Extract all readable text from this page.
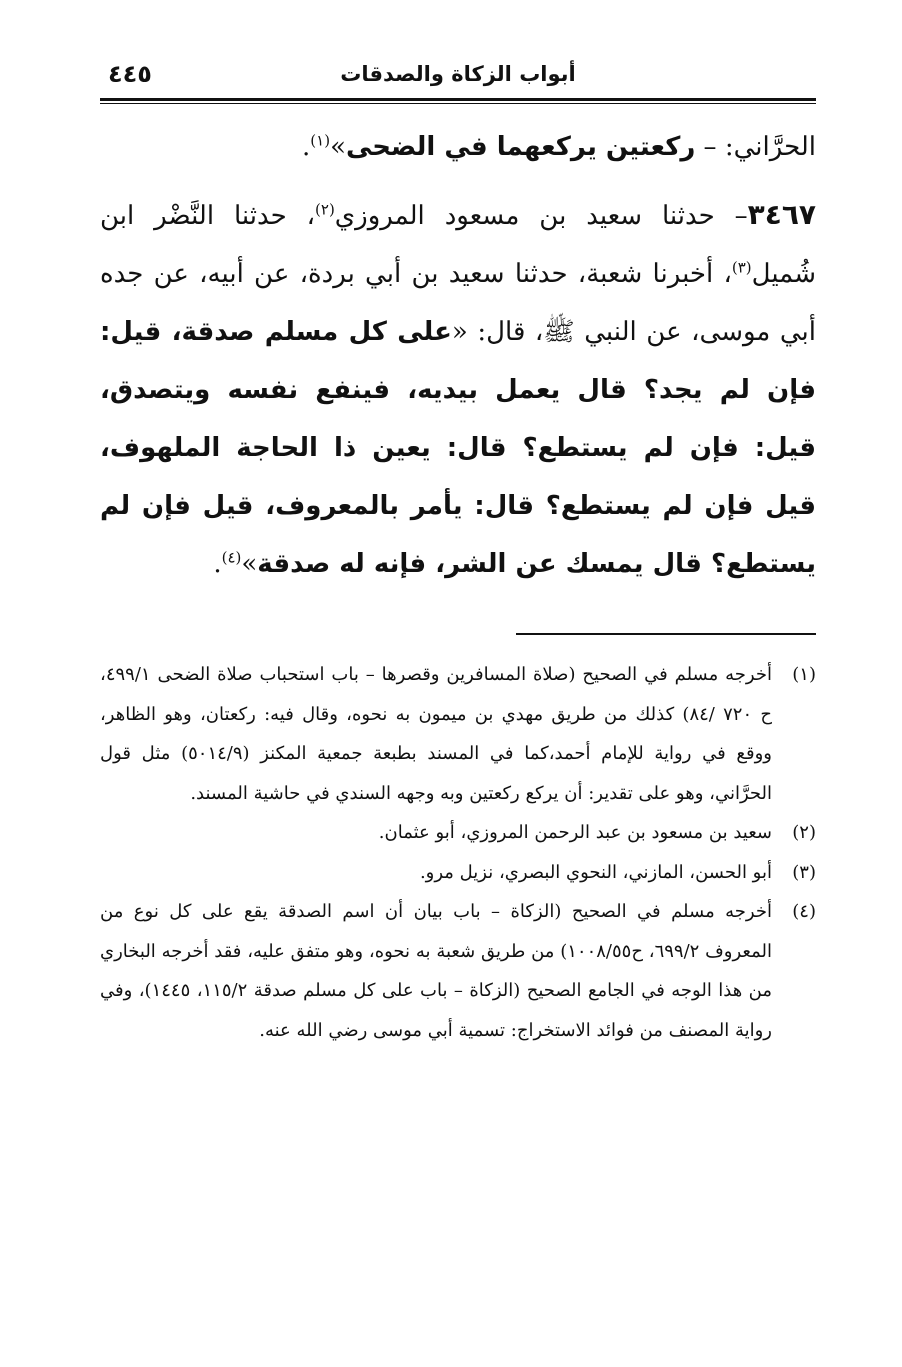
أبواب الزكاة والصدقات
٤٤٥

الحرَّاني: – ركعتين يركعهما في الضحى»$^{(١)}$.

٣٤٦٧– حدثنا سعيد بن مسعود المروزي$^{(٢)}$، حدثنا النَّضْر ابن شُميل$^{(٣)}$، أخبرنا شعبة، حدثنا سعيد بن أبي بردة، عن أبيه، عن جده أبي موسى، عن النبي ﷺ، قال: «على كل مسلم صدقة، قيل: فإن لم يجد؟ قال يعمل بيديه، فينفع نفسه ويتصدق، قيل: فإن لم يستطع؟ قال: يعين ذا الحاجة الملهوف، قيل فإن لم يستطع؟ قال: يأمر بالمعروف، قيل فإن لم يستطع؟ قال يمسك عن الشر، فإنه له صدقة»$^{(٤)}$.

(١)
أخرجه مسلم في الصحيح (صلاة المسافرين وقصرها – باب استحباب صلاة الضحى ٤٩٩/١، ح ٧٢٠ /٨٤) كذلك من طريق مهدي بن ميمون به نحوه، وقال فيه: ركعتان، وهو الظاهر، ووقع في رواية للإمام أحمد،كما في المسند بطبعة جمعية المكنز (٥٠١٤/٩) مثل قول الحرَّاني، وهو على تقدير: أن يركع ركعتين وبه وجهه السندي في حاشية المسند.

(٢)
سعيد بن مسعود بن عبد الرحمن المروزي، أبو عثمان.

(٣)
أبو الحسن، المازني، النحوي البصري، نزيل مرو.

(٤)
أخرجه مسلم في الصحيح (الزكاة – باب بيان أن اسم الصدقة يقع على كل نوع من المعروف ٦٩٩/٢، ح١٠٠٨/٥٥) من طريق شعبة به نحوه، وهو متفق عليه، فقد أخرجه البخاري من هذا الوجه في الجامع الصحيح (الزكاة – باب على كل مسلم صدقة ١١٥/٢، ١٤٤٥)، وفي رواية المصنف من فوائد الاستخراج: تسمية أبي موسى رضي الله عنه.
